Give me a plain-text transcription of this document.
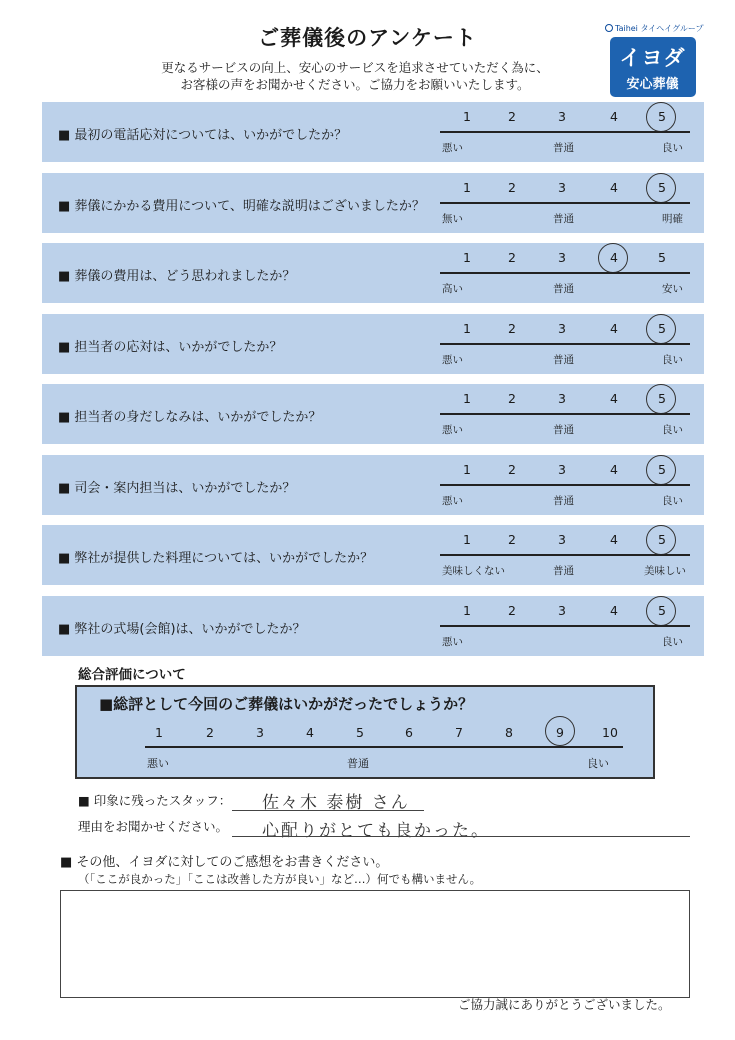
ご葬儀後のアンケート
更なるサービスの向上、安心のサービスを追求させていただく為に、
お客様の声をお聞かせください。ご協力をお願いいたします。
Taihei タイヘイグループ
イヨダ
安心葬儀
■ 最初の電話応対については、いかがでしたか？
1	2	3	4	5
悪い	普通	良い
■ 葬儀にかかる費用について、明確な説明はございましたか？
1	2	3	4	5
無い	普通	明確
■ 葬儀の費用は、どう思われましたか？
1	2	3	4	5
高い	普通	安い
■ 担当者の応対は、いかがでしたか？
1	2	3	4	5
悪い	普通	良い
■ 担当者の身だしなみは、いかがでしたか？
1	2	3	4	5
悪い	普通	良い
■ 司会・案内担当は、いかがでしたか？
1	2	3	4	5
悪い	普通	良い
■ 弊社が提供した料理については、いかがでしたか？
1	2	3	4	5
美味しくない	普通	美味しい
■ 弊社の式場(会館)は、いかがでしたか？
1	2	3	4	5
悪い	良い
総合評価について
■総評として今回のご葬儀はいかがだったでしょうか？
悪い	普通	良い
1	2	3	4	5	6	7	8	9	10
■ 印象に残ったスタッフ： 佐々木 泰樹 さん
理由をお聞かせください。 心配りがとても良かった。
■ その他、イヨダに対してのご感想をお書きください。
（「ここが良かった」「ここは改善した方が良い」など…）何でも構いません。
ご協力誠にありがとうございました。
